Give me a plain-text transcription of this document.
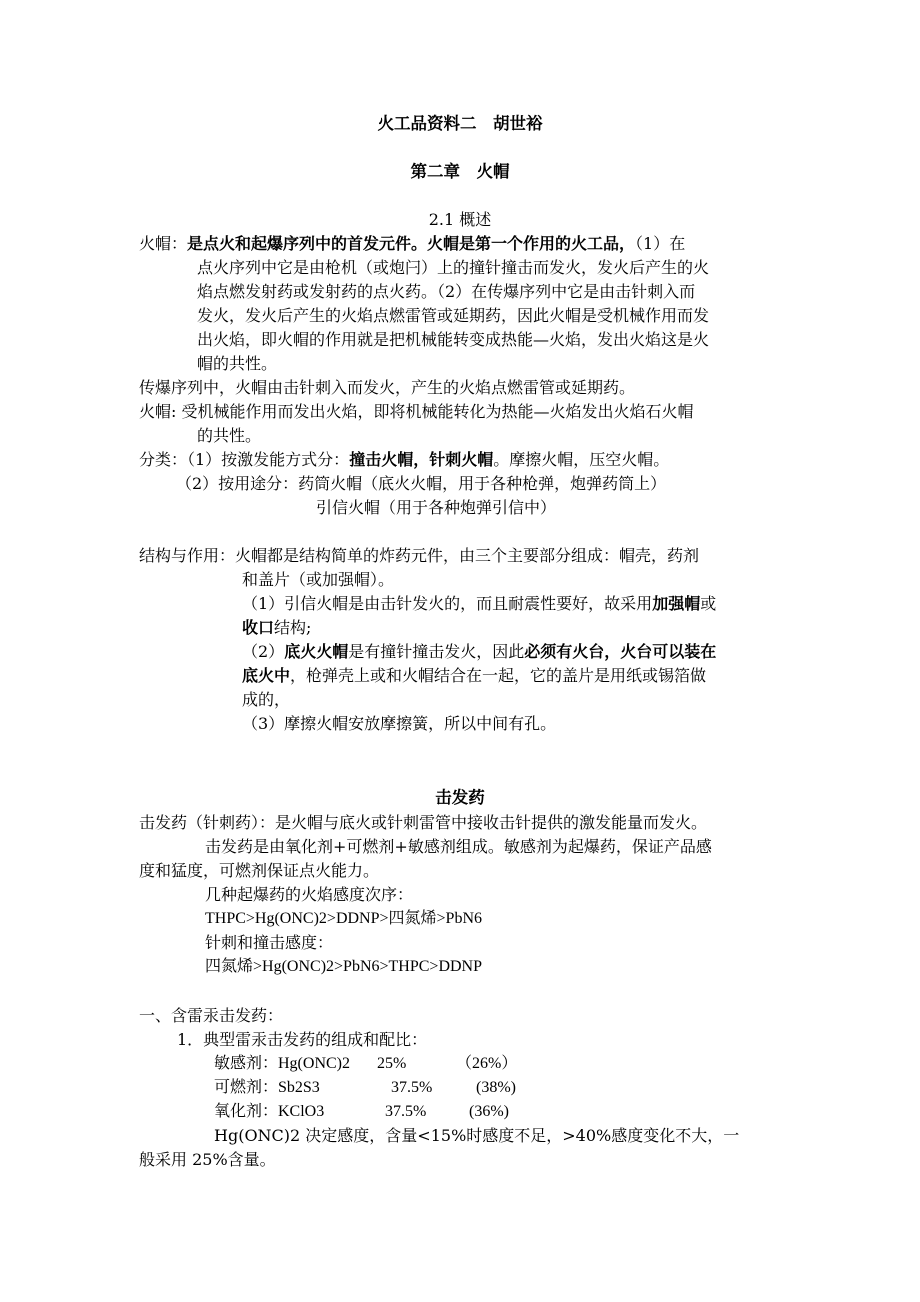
火工品资料二　胡世裕
第二章　火帽
2.1 概述
火帽：是点火和起爆序列中的首发元件。火帽是第一个作用的火工品，（1）在
点火序列中它是由枪机（或炮闩）上的撞针撞击而发火，发火后产生的火
焰点燃发射药或发射药的点火药。（2）在传爆序列中它是由击针刺入而
发火，发火后产生的火焰点燃雷管或延期药，因此火帽是受机械作用而发
出火焰，即火帽的作用就是把机械能转变成热能—火焰，发出火焰这是火
帽的共性。
传爆序列中，火帽由击针刺入而发火，产生的火焰点燃雷管或延期药。
火帽: 受机械能作用而发出火焰，即将机械能转化为热能—火焰发出火焰石火帽
的共性。
分类：（1）按激发能方式分：撞击火帽，针刺火帽。摩擦火帽，压空火帽。
（2）按用途分：药筒火帽（底火火帽，用于各种枪弹，炮弹药筒上）
引信火帽（用于各种炮弹引信中）
结构与作用：火帽都是结构简单的炸药元件，由三个主要部分组成：帽壳，药剂
和盖片（或加强帽）。
（1）引信火帽是由击针发火的，而且耐震性要好，故采用加强帽或
收口结构;
（2）底火火帽是有撞针撞击发火，因此必须有火台，火台可以装在
底火中，枪弹壳上或和火帽结合在一起，它的盖片是用纸或锡箔做
成的，
（3）摩擦火帽安放摩擦簧，所以中间有孔。
击发药
击发药（针刺药）：是火帽与底火或针刺雷管中接收击针提供的激发能量而发火。
击发药是由氧化剂+可燃剂+敏感剂组成。敏感剂为起爆药，保证产品感
度和猛度，可燃剂保证点火能力。
几种起爆药的火焰感度次序：
THPC>Hg(ONC)2>DDNP>四氮烯>PbN6
针刺和撞击感度：
四氮烯>Hg(ONC)2>PbN6>THPC>DDNP
一、含雷汞击发药：
1．典型雷汞击发药的组成和配比：
敏感剂：Hg(ONC)2 25%	（26%）
可燃剂：Sb2S3	37.5%	(38%)
氧化剂：KClO3	37.5%	(36%)
Hg(ONC)2 决定感度，含量<15%时感度不足，>40%感度变化不大，一
般采用 25%含量。
